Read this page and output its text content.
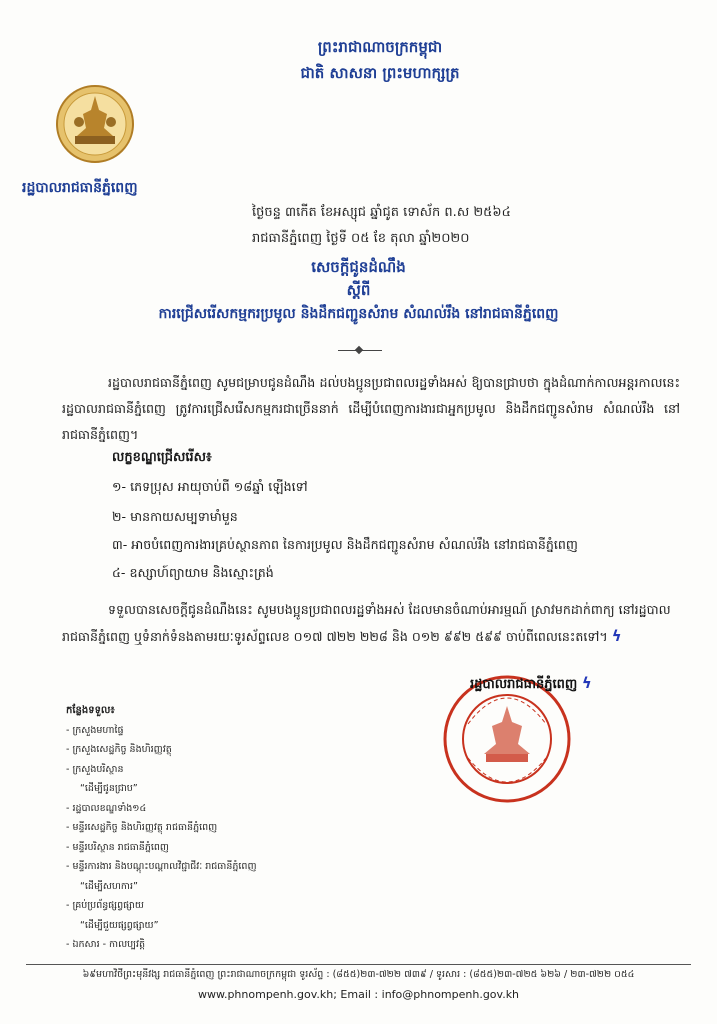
ព្រះរាជាណាចក្រកម្ពុជា
ជាតិ សាសនា ព្រះមហាក្សត្រ
រដ្ឋបាលរាជធានីភ្នំពេញ
ថ្ងៃចន្ទ ៣កើត ខែអស្សុជ ឆ្នាំជូត ទោស័ក ព.ស ២៥៦៤
រាជធានីភ្នំពេញ ថ្ងៃទី ០៥ ខែ តុលា ឆ្នាំ២០២០
សេចក្តីជូនដំណឹង
ស្តីពី
ការជ្រើសរើសកម្មករប្រមូល និងដឹកជញ្ជូនសំរាម សំណល់រឹង នៅរាជធានីភ្នំពេញ

រដ្ឋបាលរាជធានីភ្នំពេញ សូមជម្រាបជូនដំណឹង ដល់បងប្អូនប្រជាពលរដ្ឋទាំងអស់ ឱ្យបានជ្រាបថា ក្នុងដំណាក់កាលអន្តរកាលនេះ រដ្ឋបាលរាជធានីភ្នំពេញ ត្រូវការជ្រើសរើសកម្មករជាច្រើននាក់ ដើម្បីបំពេញការងារជាអ្នកប្រមូល និងដឹកជញ្ជូនសំរាម សំណល់រឹង នៅរាជធានីភ្នំពេញ។

លក្ខខណ្ឌជ្រើសរើស៖
១- ភេទប្រុស អាយុចាប់ពី ១៨ឆ្នាំ ឡើងទៅ
២- មានកាយសម្បទាមាំមួន
៣- អាចបំពេញការងារគ្រប់ស្ថានភាព នៃការប្រមូល និងដឹកជញ្ជូនសំរាម សំណល់រឹង នៅរាជធានីភ្នំពេញ
៤- ឧស្សាហ៍ព្យាយាម និងស្មោះត្រង់

ទទួលបានសេចក្តីជូនដំណឹងនេះ សូមបងប្អូនប្រជាពលរដ្ឋទាំងអស់ ដែលមានចំណាប់អារម្មណ៍ ស្រាវមកដាក់ពាក្យ នៅរដ្ឋបាលរាជធានីភ្នំពេញ ឬទំនាក់ទំនងតាមរយៈទូរស័ព្ទលេខ ០១៧ ៧២២ ២២៨ និង ០១២ ៩៩២ ៥៩៩ ចាប់ពីពេលនេះតទៅ។ ϟ

រដ្ឋបាលរាជធានីភ្នំពេញ ϟ
កន្លែងទទួល៖
- ក្រសួងមហាផ្ទៃ
- ក្រសួងសេដ្ឋកិច្ច និងហិរញ្ញវត្ថុ
- ក្រសួងបរិស្ថាន
“ដើម្បីជូនជ្រាប”
- រដ្ឋបាលខណ្ឌទាំង១៤
- មន្ទីរសេដ្ឋកិច្ច និងហិរញ្ញវត្ថុ រាជធានីភ្នំពេញ
- មន្ទីរបរិស្ថាន រាជធានីភ្នំពេញ
- មន្ទីរការងារ និងបណ្តុះបណ្តាលវិជ្ជាជីវៈ រាជធានីភ្នំពេញ
“ដើម្បីសហការ”
- គ្រប់ប្រព័ន្ធផ្សព្វផ្សាយ
“ដើម្បីជួយផ្សព្វផ្សាយ”
- ឯកសារ - កាលប្បវត្តិ
៦៩មហាវិថីព្រះមុនីវង្ស រាជធានីភ្នំពេញ ព្រះរាជាណាចក្រកម្ពុជា ទូរស័ព្ទ : (៨៥៥)២៣-៧២២ ៧៣៩ / ទូរសារ : (៨៥៥)២៣-៧២៥ ៦២៦ / ២៣-៧២២ ០៥៤
www.phnompenh.gov.kh; Email : info@phnompenh.gov.kh
